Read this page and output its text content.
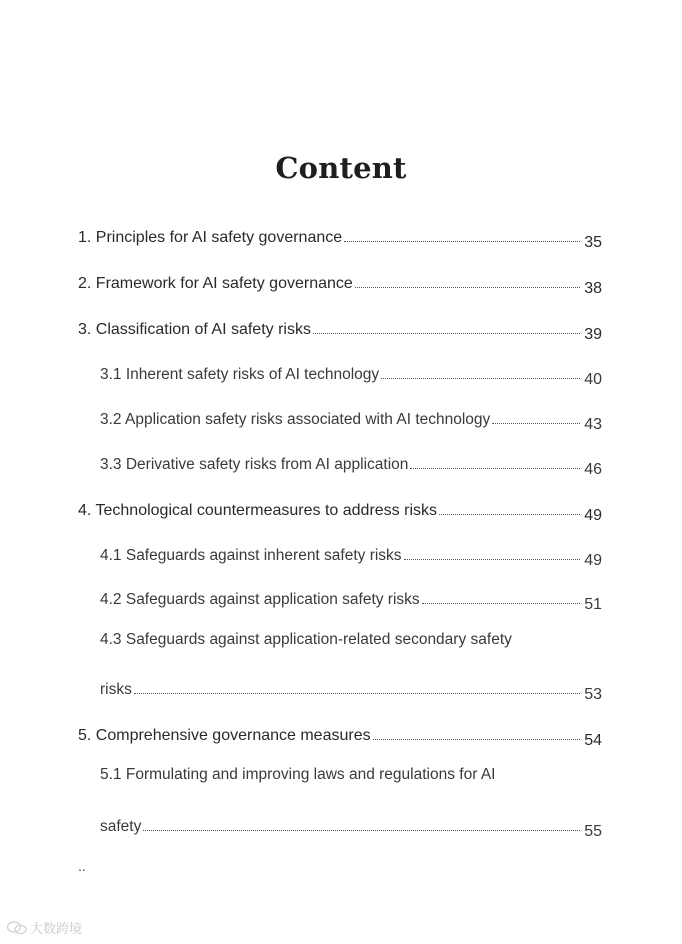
Content
1. Principles for AI safety governance	35
2. Framework for AI safety governance	38
3. Classification of AI safety risks	39
3.1 Inherent safety risks of AI technology	40
3.2 Application safety risks associated with AI technology	43
3.3 Derivative safety risks from AI application	46
4. Technological countermeasures to address risks	49
4.1 Safeguards against inherent safety risks	49
4.2 Safeguards against application safety risks	51
4.3 Safeguards against application-related secondary safety
risks	53
5. Comprehensive governance measures	54
5.1 Formulating and improving laws and regulations for AI
safety	55
..
大数跨境
